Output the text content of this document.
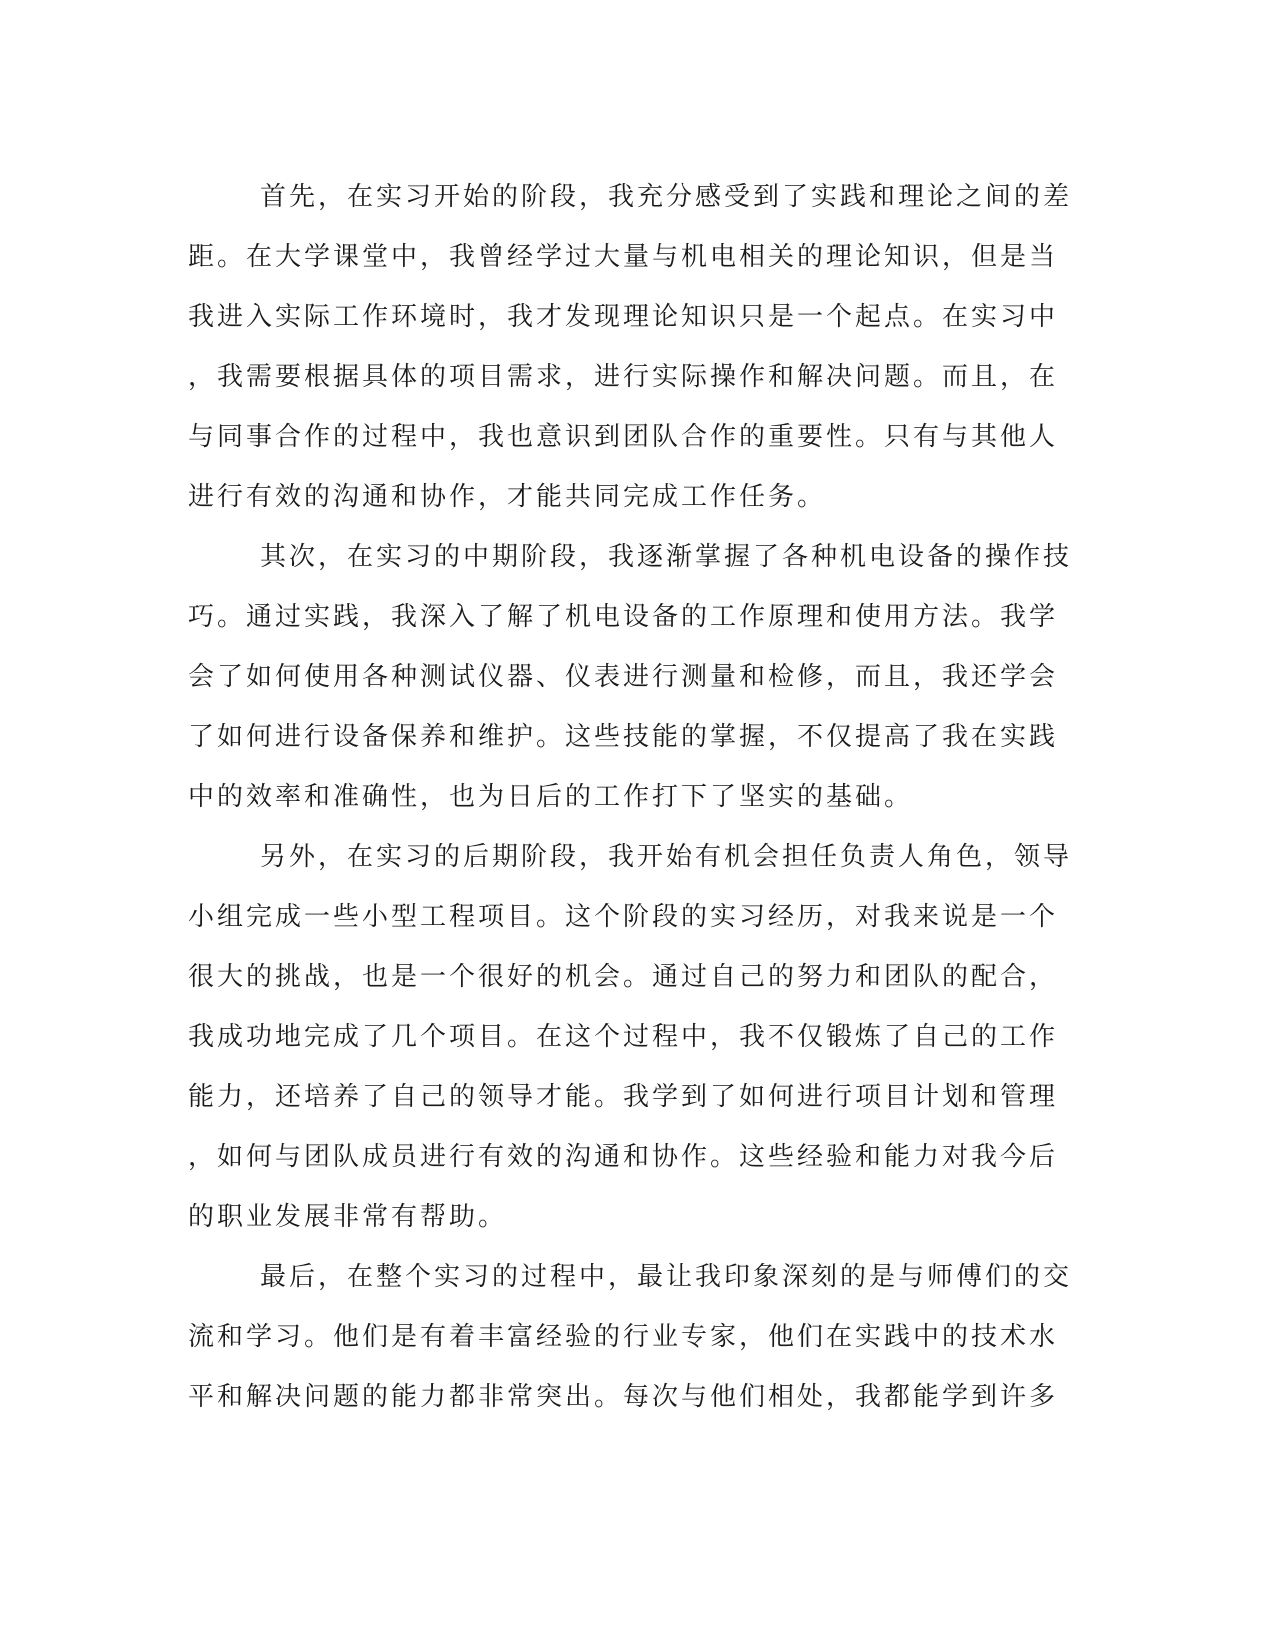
首先，在实习开始的阶段，我充分感受到了实践和理论之间的差
距。在大学课堂中，我曾经学过大量与机电相关的理论知识，但是当
我进入实际工作环境时，我才发现理论知识只是一个起点。在实习中
，我需要根据具体的项目需求，进行实际操作和解决问题。而且，在
与同事合作的过程中，我也意识到团队合作的重要性。只有与其他人
进行有效的沟通和协作，才能共同完成工作任务。
其次，在实习的中期阶段，我逐渐掌握了各种机电设备的操作技
巧。通过实践，我深入了解了机电设备的工作原理和使用方法。我学
会了如何使用各种测试仪器、仪表进行测量和检修，而且，我还学会
了如何进行设备保养和维护。这些技能的掌握，不仅提高了我在实践
中的效率和准确性，也为日后的工作打下了坚实的基础。
另外，在实习的后期阶段，我开始有机会担任负责人角色，领导
小组完成一些小型工程项目。这个阶段的实习经历，对我来说是一个
很大的挑战，也是一个很好的机会。通过自己的努力和团队的配合，
我成功地完成了几个项目。在这个过程中，我不仅锻炼了自己的工作
能力，还培养了自己的领导才能。我学到了如何进行项目计划和管理
，如何与团队成员进行有效的沟通和协作。这些经验和能力对我今后
的职业发展非常有帮助。
最后，在整个实习的过程中，最让我印象深刻的是与师傅们的交
流和学习。他们是有着丰富经验的行业专家，他们在实践中的技术水
平和解决问题的能力都非常突出。每次与他们相处，我都能学到许多
